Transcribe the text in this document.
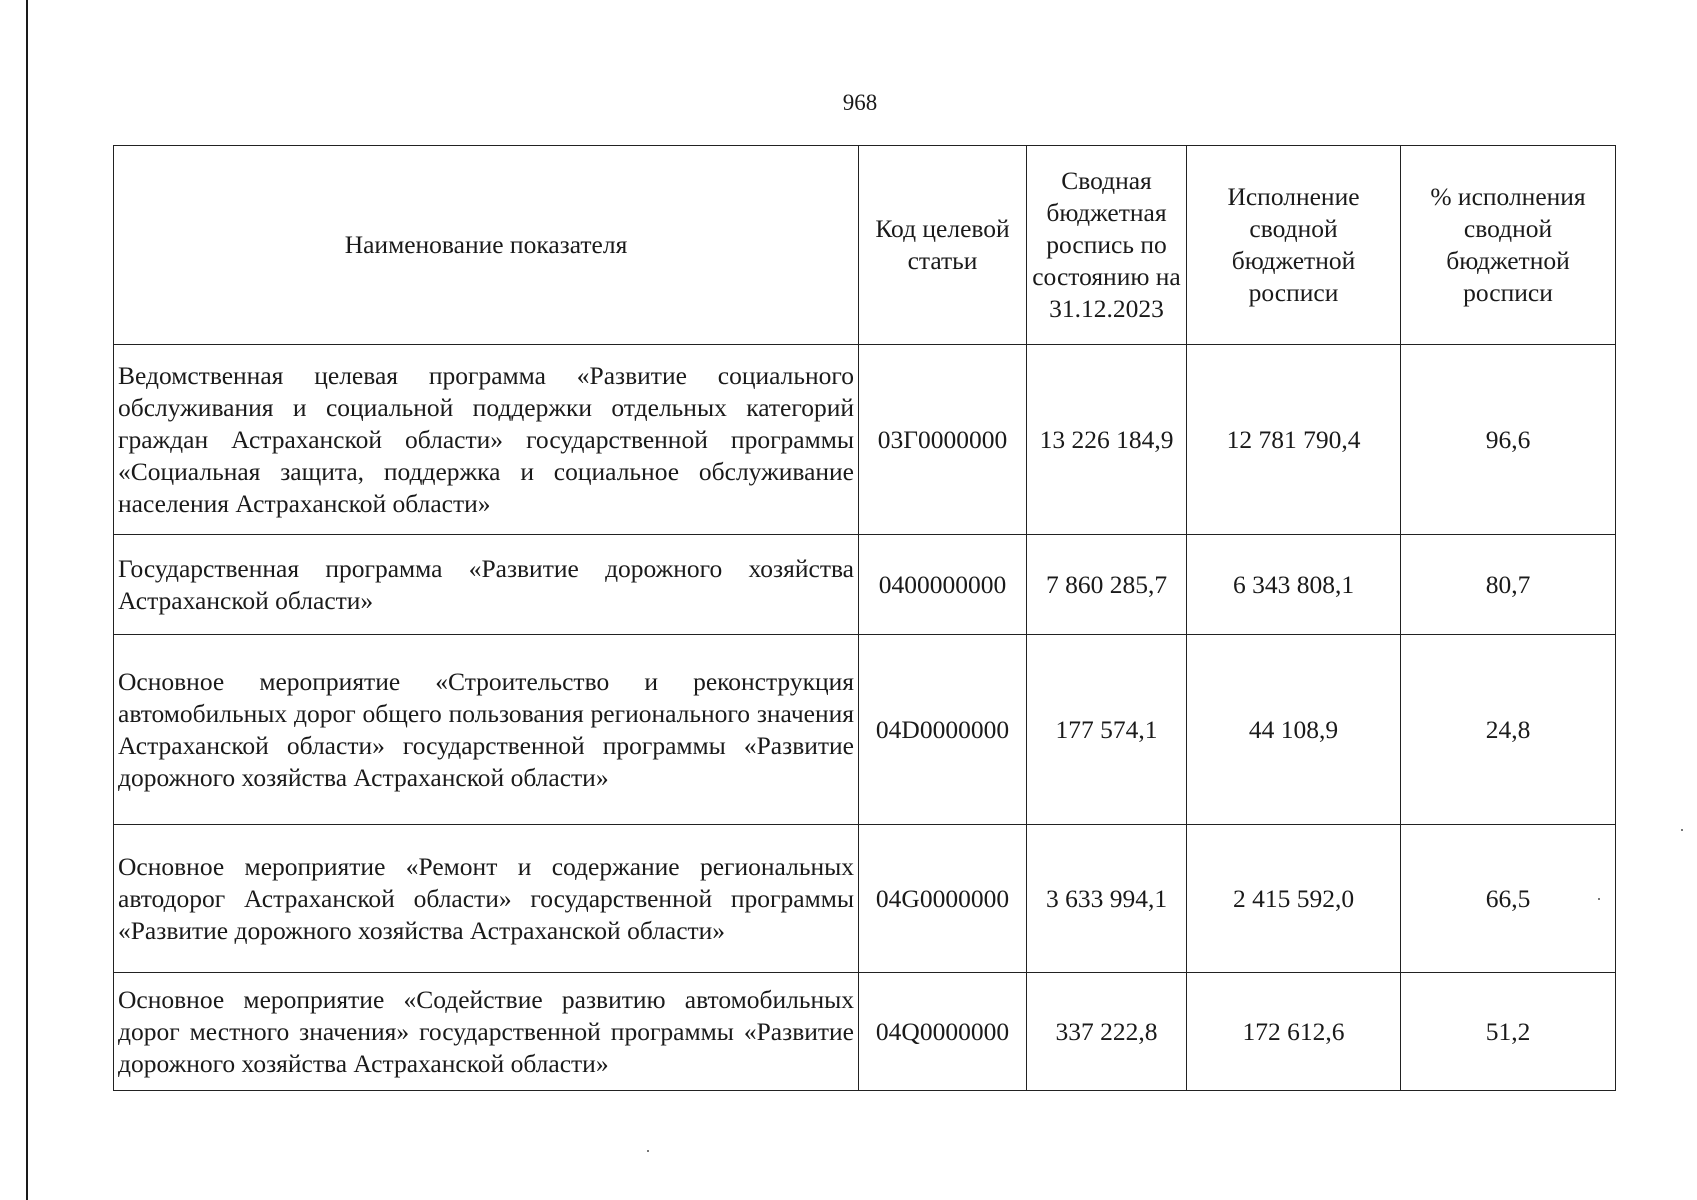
968
Наименование показателя	Код целевой статьи	Сводная бюджетная роспись по состоянию на 31.12.2023	Исполнение сводной бюджетной росписи	% исполнения сводной бюджетной росписи
Ведомственная целевая программа «Развитие социального обслуживания и социальной поддержки отдельных категорий граждан Астраханской области» государственной программы «Социальная защита, поддержка и социальное обслуживание населения Астраханской области»	03Г0000000	13 226 184,9	12 781 790,4	96,6
Государственная программа «Развитие дорожного хозяйства Астраханской области»	0400000000	7 860 285,7	6 343 808,1	80,7
Основное мероприятие «Строительство и реконструкция автомобильных дорог общего пользования регионального значения Астраханской области» государственной программы «Развитие дорожного хозяйства Астраханской области»	04D0000000	177 574,1	44 108,9	24,8
Основное мероприятие «Ремонт и содержание региональных автодорог Астраханской области» государственной программы «Развитие дорожного хозяйства Астраханской области»	04G0000000	3 633 994,1	2 415 592,0	66,5
Основное мероприятие «Содействие развитию автомобильных дорог местного значения» государственной программы «Развитие дорожного хозяйства Астраханской области»	04Q0000000	337 222,8	172 612,6	51,2
